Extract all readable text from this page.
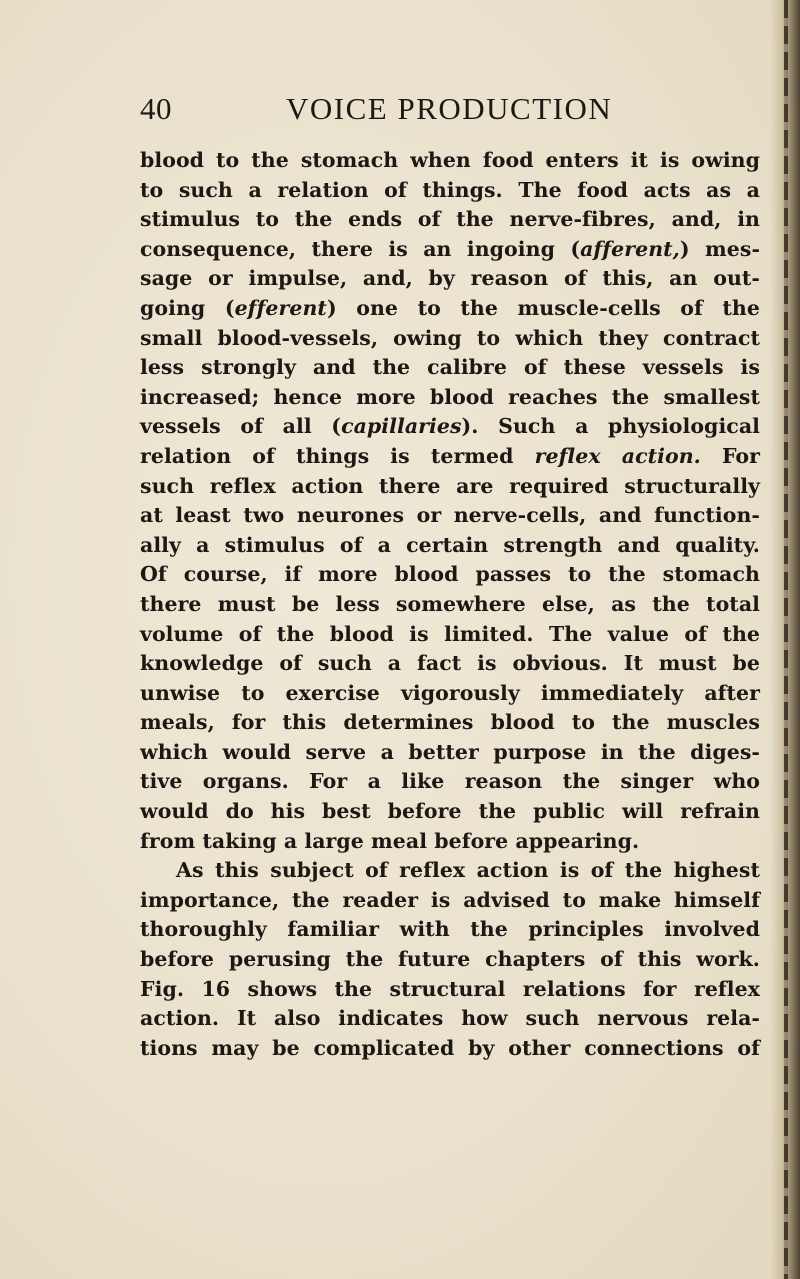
40	VOICE PRODUCTION
blood to the stomach when food enters it is owing
to such a relation of things. The food acts as a
stimulus to the ends of the nerve-fibres, and, in
consequence, there is an ingoing (afferent,) mes-
sage or impulse, and, by reason of this, an out-
going (efferent) one to the muscle-cells of the
small blood-vessels, owing to which they contract
less strongly and the calibre of these vessels is
increased; hence more blood reaches the smallest
vessels of all (capillaries). Such a physiological
relation of things is termed reflex action. For
such reflex action there are required structurally
at least two neurones or nerve-cells, and function-
ally a stimulus of a certain strength and quality.
Of course, if more blood passes to the stomach
there must be less somewhere else, as the total
volume of the blood is limited. The value of the
knowledge of such a fact is obvious. It must be
unwise to exercise vigorously immediately after
meals, for this determines blood to the muscles
which would serve a better purpose in the diges-
tive organs. For a like reason the singer who
would do his best before the public will refrain
from taking a large meal before appearing.
As this subject of reflex action is of the highest
importance, the reader is advised to make himself
thoroughly familiar with the principles involved
before perusing the future chapters of this work.
Fig. 16 shows the structural relations for reflex
action. It also indicates how such nervous rela-
tions may be complicated by other connections of
